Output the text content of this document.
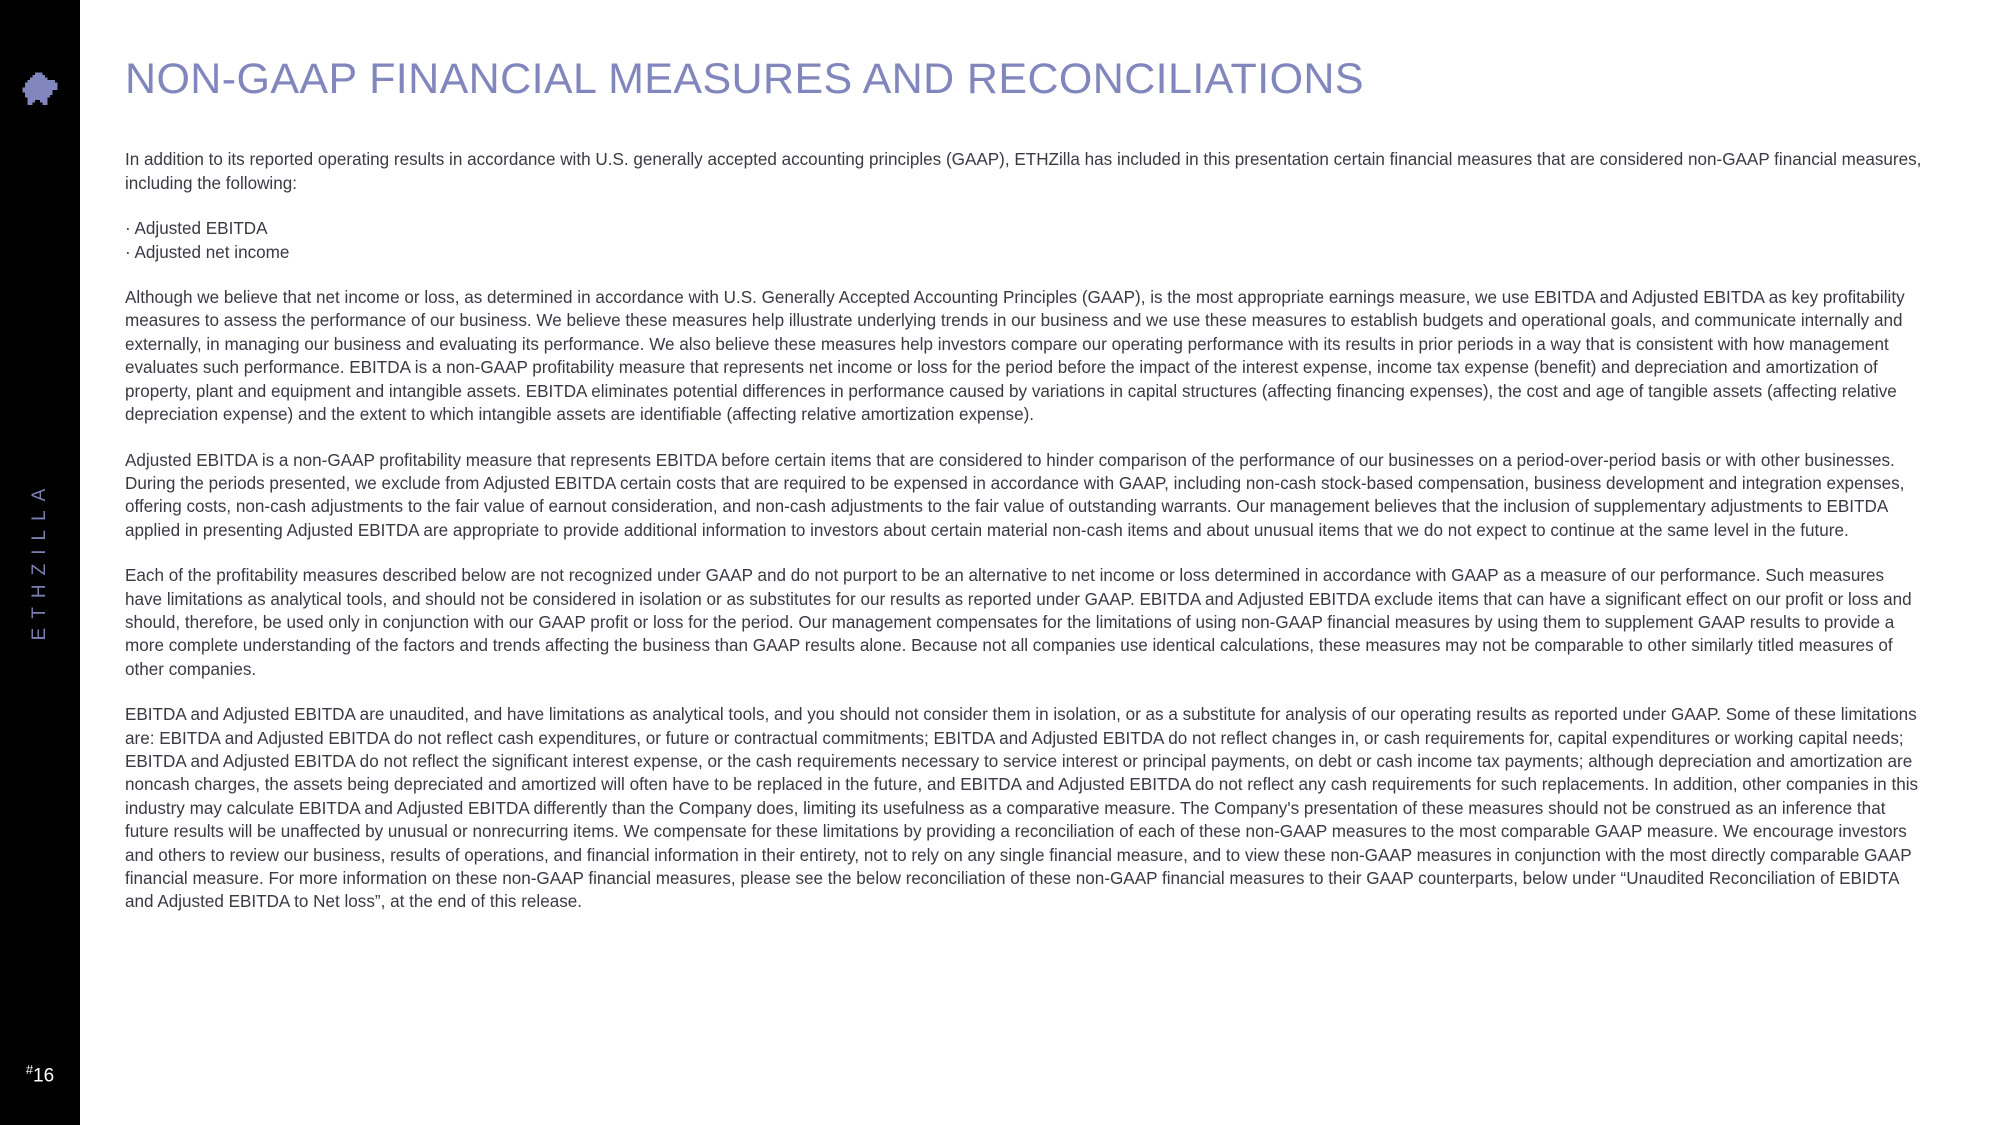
ETHZILLA
#16
NON-GAAP FINANCIAL MEASURES AND RECONCILIATIONS

In addition to its reported operating results in accordance with U.S. generally accepted accounting principles (GAAP), ETHZilla has included in this presentation certain financial measures that are considered non-GAAP financial measures, including the following:

· Adjusted EBITDA
· Adjusted net income

Although we believe that net income or loss, as determined in accordance with U.S. Generally Accepted Accounting Principles (GAAP), is the most appropriate earnings measure, we use EBITDA and Adjusted EBITDA as key profitability measures to assess the performance of our business. We believe these measures help illustrate underlying trends in our business and we use these measures to establish budgets and operational goals, and communicate internally and externally, in managing our business and evaluating its performance. We also believe these measures help investors compare our operating performance with its results in prior periods in a way that is consistent with how management evaluates such performance. EBITDA is a non-GAAP profitability measure that represents net income or loss for the period before the impact of the interest expense, income tax expense (benefit) and depreciation and amortization of property, plant and equipment and intangible assets. EBITDA eliminates potential differences in performance caused by variations in capital structures (affecting financing expenses), the cost and age of tangible assets (affecting relative depreciation expense) and the extent to which intangible assets are identifiable (affecting relative amortization expense).

Adjusted EBITDA is a non-GAAP profitability measure that represents EBITDA before certain items that are considered to hinder comparison of the performance of our businesses on a period-over-period basis or with other businesses. During the periods presented, we exclude from Adjusted EBITDA certain costs that are required to be expensed in accordance with GAAP, including non-cash stock-based compensation, business development and integration expenses, offering costs, non-cash adjustments to the fair value of earnout consideration, and non-cash adjustments to the fair value of outstanding warrants. Our management believes that the inclusion of supplementary adjustments to EBITDA applied in presenting Adjusted EBITDA are appropriate to provide additional information to investors about certain material non-cash items and about unusual items that we do not expect to continue at the same level in the future.

Each of the profitability measures described below are not recognized under GAAP and do not purport to be an alternative to net income or loss determined in accordance with GAAP as a measure of our performance. Such measures have limitations as analytical tools, and should not be considered in isolation or as substitutes for our results as reported under GAAP. EBITDA and Adjusted EBITDA exclude items that can have a significant effect on our profit or loss and should, therefore, be used only in conjunction with our GAAP profit or loss for the period. Our management compensates for the limitations of using non-GAAP financial measures by using them to supplement GAAP results to provide a more complete understanding of the factors and trends affecting the business than GAAP results alone. Because not all companies use identical calculations, these measures may not be comparable to other similarly titled measures of other companies.

EBITDA and Adjusted EBITDA are unaudited, and have limitations as analytical tools, and you should not consider them in isolation, or as a substitute for analysis of our operating results as reported under GAAP. Some of these limitations are: EBITDA and Adjusted EBITDA do not reflect cash expenditures, or future or contractual commitments; EBITDA and Adjusted EBITDA do not reflect changes in, or cash requirements for, capital expenditures or working capital needs; EBITDA and Adjusted EBITDA do not reflect the significant interest expense, or the cash requirements necessary to service interest or principal payments, on debt or cash income tax payments; although depreciation and amortization are noncash charges, the assets being depreciated and amortized will often have to be replaced in the future, and EBITDA and Adjusted EBITDA do not reflect any cash requirements for such replacements. In addition, other companies in this industry may calculate EBITDA and Adjusted EBITDA differently than the Company does, limiting its usefulness as a comparative measure. The Company's presentation of these measures should not be construed as an inference that future results will be unaffected by unusual or nonrecurring items. We compensate for these limitations by providing a reconciliation of each of these non-GAAP measures to the most comparable GAAP measure. We encourage investors and others to review our business, results of operations, and financial information in their entirety, not to rely on any single financial measure, and to view these non-GAAP measures in conjunction with the most directly comparable GAAP financial measure. For more information on these non-GAAP financial measures, please see the below reconciliation of these non-GAAP financial measures to their GAAP counterparts, below under “Unaudited Reconciliation of EBIDTA and Adjusted EBITDA to Net loss”, at the end of this release.
